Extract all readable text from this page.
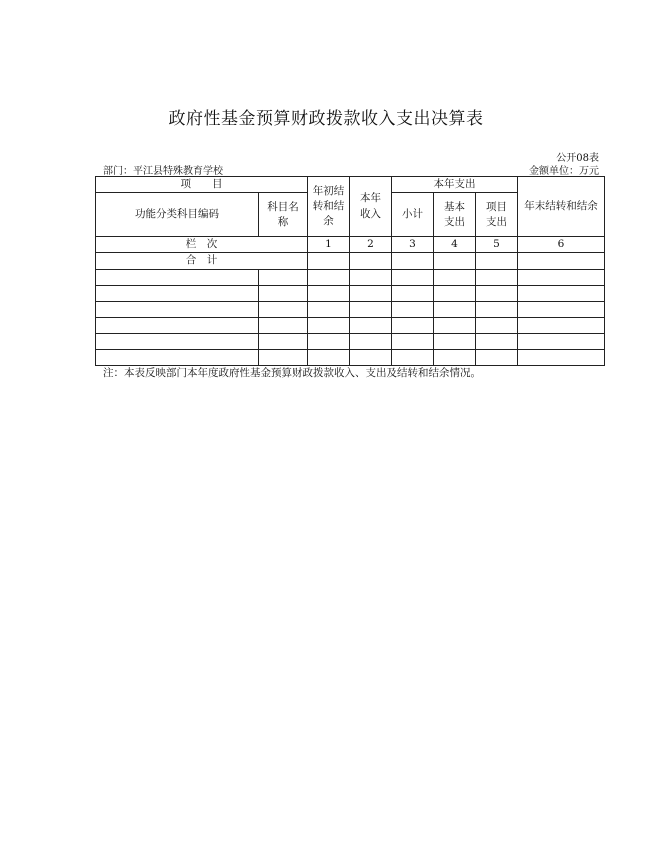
政府性基金预算财政拨款收入支出决算表
公开08表
部门：平江县特殊教育学校	金额单位：万元
项　　目		年初结转和结余	本年收入	本年支出			年末结转和结余
功能分类科目编码	科目名称			小计	基本支出	项目支出	
栏　次		1	2	3	4	5	6
合　计							

注：本表反映部门本年度政府性基金预算财政拨款收入、支出及结转和结余情况。
